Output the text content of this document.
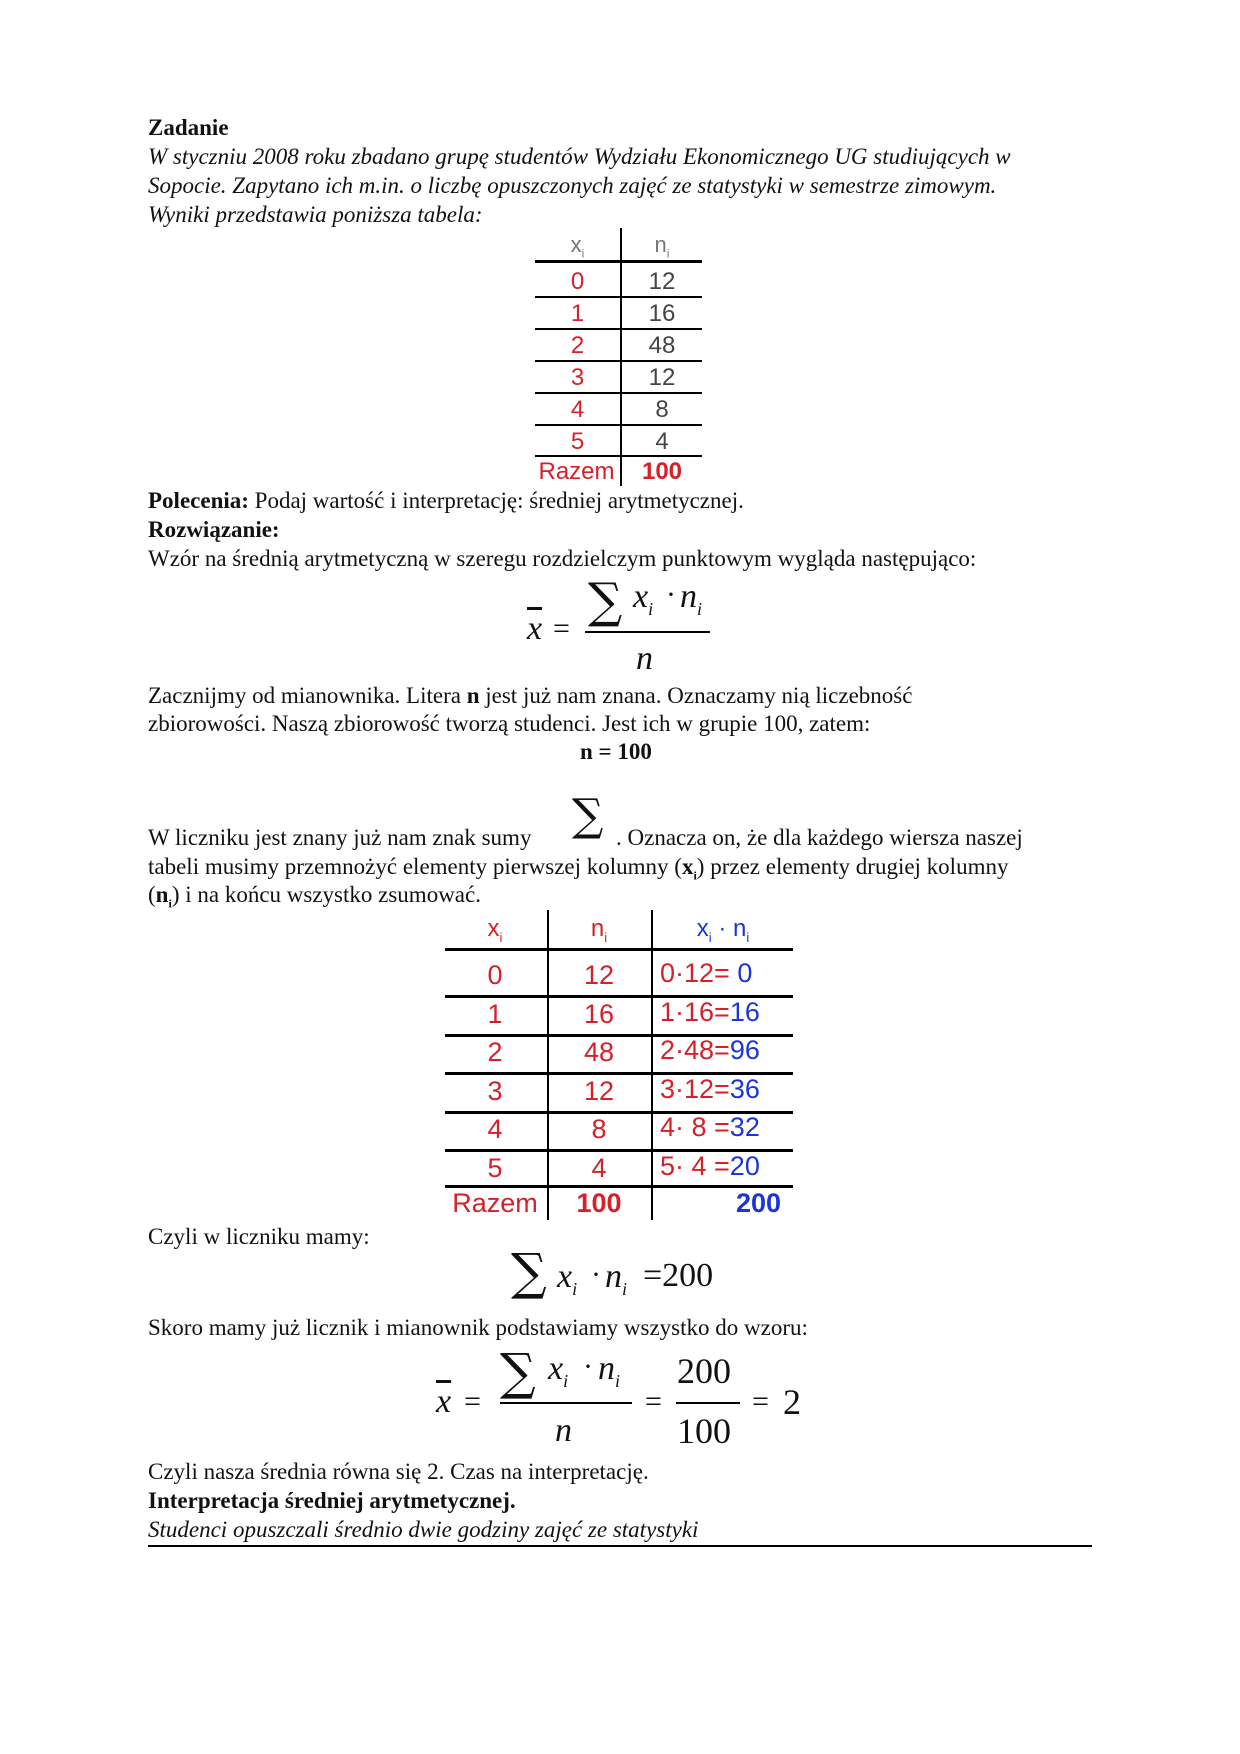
Zadanie
W styczniu 2008 roku zbadano grupę studentów Wydziału Ekonomicznego UG studiujących w
Sopocie. Zapytano ich m.in. o liczbę opuszczonych zajęć ze statystyki w semestrze zimowym.
Wyniki przedstawia poniższa tabela:
$x_i$	$n_i$
0	12
1	16
2	48
3	12
4	8
5	4
Razem	100
Polecenia: Podaj wartość i interpretację: średniej arytmetycznej.
Rozwiązanie:
Wzór na średnią arytmetyczną w szeregu rozdzielczym punktowym wygląda następująco:
$\overline{x}$ = ∑ $x_i \cdot n_i$
n
Zacznijmy od mianownika. Litera n jest już nam znana. Oznaczamy nią liczebność
zbiorowości. Naszą zbiorowość tworzą studenci. Jest ich w grupie 100, zatem:
n = 100
W liczniku jest znany już nam znak sumy ∑ . Oznacza on, że dla każdego wiersza naszej
tabeli musimy przemnożyć elementy pierwszej kolumny $(x_i)$ przez elementy drugiej kolumny
$(n_i)$ i na końcu wszystko zsumować.
$x_i$	$n_i$	$x_i \cdot n_i$
0	12	0·12= 0
1	16	1·16=16
2	48	2·48=96
3	12	3·12=36
4	8	4· 8 =32
5	4	5· 4 =20
Razem	100	200
Czyli w liczniku mamy:
∑ $x_i \cdot n_i =200$
Skoro mamy już licznik i mianownik podstawiamy wszystko do wzoru:
$\overline{x}$ =
∑ $x_i \cdot n_i$
n
=
200
100
= 2
Czyli nasza średnia równa się 2. Czas na interpretację.
Interpretacja średniej arytmetycznej.
Studenci opuszczali średnio dwie godziny zajęć ze statystyki
